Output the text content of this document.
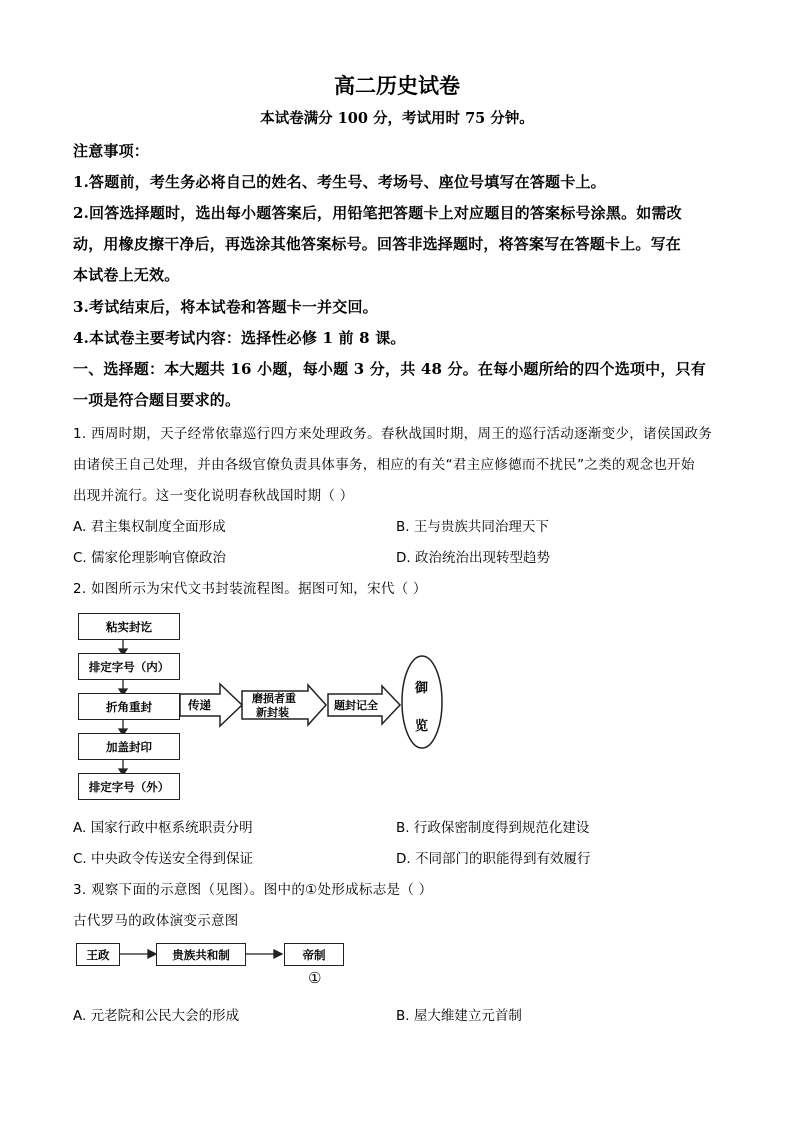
高二历史试卷
本试卷满分 100 分，考试用时 75 分钟。
注意事项：
1.答题前，考生务必将自己的姓名、考生号、考场号、座位号填写在答题卡上。
2.回答选择题时，选出每小题答案后，用铅笔把答题卡上对应题目的答案标号涂黑。如需改
动，用橡皮擦干净后，再选涂其他答案标号。回答非选择题时，将答案写在答题卡上。写在
本试卷上无效。
3.考试结束后，将本试卷和答题卡一并交回。
4.本试卷主要考试内容：选择性必修 1 前 8 课。
一、选择题：本大题共 16 小题，每小题 3 分，共 48 分。在每小题所给的四个选项中，只有
一项是符合题目要求的。
1. 西周时期，天子经常依靠巡行四方来处理政务。春秋战国时期，周王的巡行活动逐渐变少，诸侯国政务
由诸侯王自己处理，并由各级官僚负责具体事务，相应的有关“君主应修德而不扰民”之类的观念也开始
出现并流行。这一变化说明春秋战国时期（ ）
A. 君主集权制度全面形成	B. 王与贵族共同治理天下
C. 儒家伦理影响官僚政治	D. 政治统治出现转型趋势
2. 如图所示为宋代文书封装流程图。据图可知，宋代（ ）
粘实封讫
排定字号（内）
折角重封
加盖封印
排定字号（外）
传递	磨损者重
新封装
题封记全
御
览
A. 国家行政中枢系统职责分明	B. 行政保密制度得到规范化建设
C. 中央政令传送安全得到保证	D. 不同部门的职能得到有效履行
3. 观察下面的示意图（见图）。图中的①处形成标志是（ ）
古代罗马的政体演变示意图
王政	贵族共和制	帝制
①
A. 元老院和公民大会的形成	B. 屋大维建立元首制
